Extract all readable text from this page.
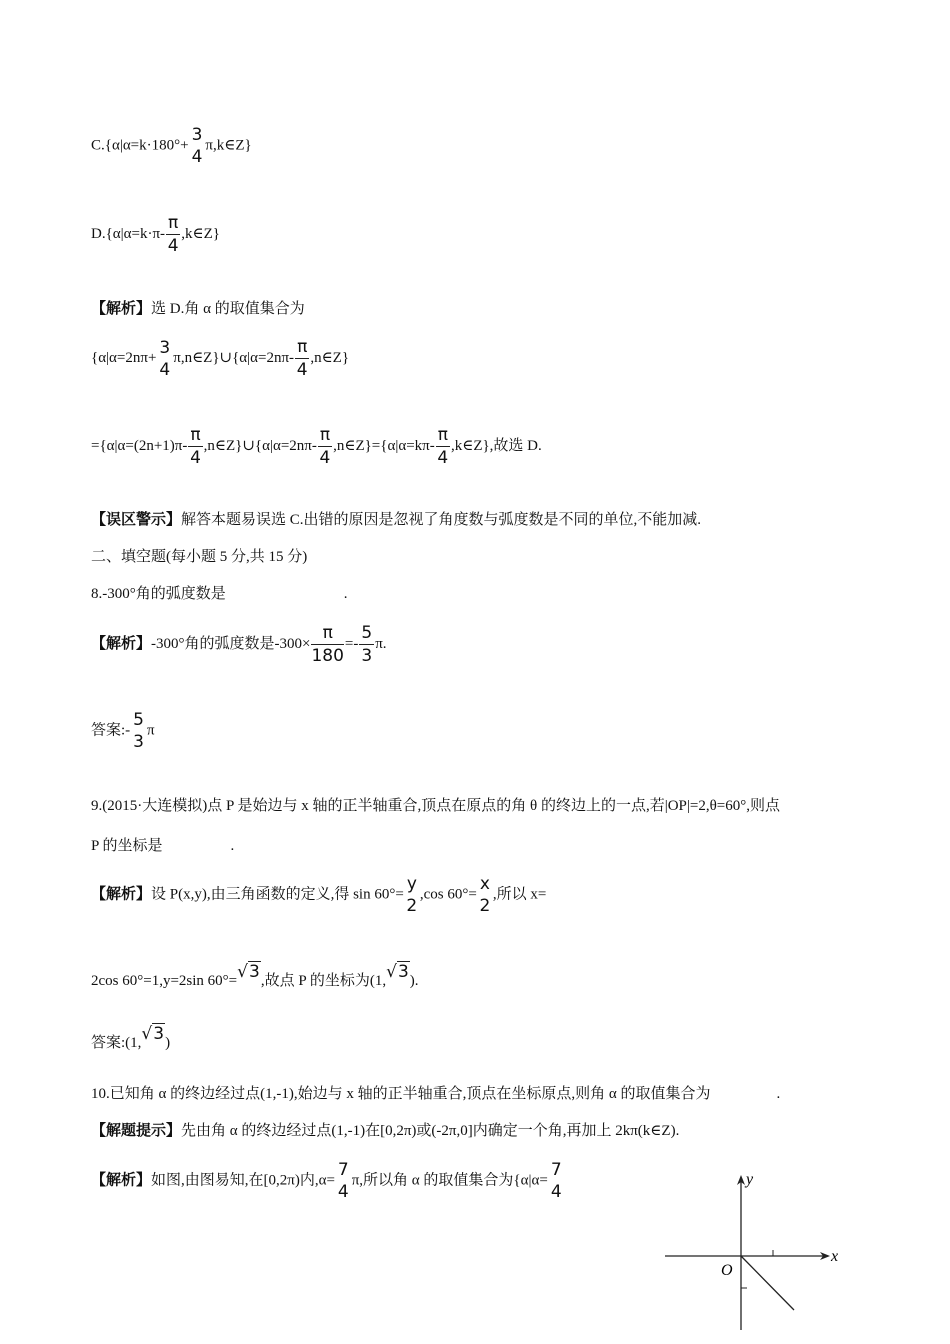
C.{α|α=k·180°+
3
4
π,k∈Z}
$D.\{\alpha|\alpha=k\cdot\pi- \frac{\pi}{4}$ ,k∈Z}
【解析】选 D.角 α 的取值集合为
{α|α=2nπ+
3
4
π,n∈Z}∪{α|α=2nπ- $\frac{\pi}{4}$ ,n∈Z}
$=\{\alpha|\alpha=(2n+1)\pi- \frac{\pi}{4}$ ,n∈Z}∪{α|α=2nπ- $\frac{\pi}{4}$ ,n∈Z}={α|α=kπ- $\frac{\pi}{4}$ ,k∈Z},故选 D.
【误区警示】解答本题易误选 C.出错的原因是忽视了角度数与弧度数是不同的单位,不能加减.
二、填空题(每小题 5 分,共 15 分)
8.-300°角的弧度数是	.
【解析】-300°角的弧度数是$-300\times \frac{\pi}{180} =- \frac{5}{3} \pi$.
答案:-
5
3
π
9.(2015·大连模拟)点 P 是始边与 x 轴的正半轴重合,顶点在原点的角 θ 的终边上的一点,若|OP|=2,θ=60°,则点
P 的坐标是	.
【解析】设 P(x,y),由三角函数的定义,得 sin 60°=
y
2
,cos 60°=
x
2
,所以 x=
2cos 60°=1,y=2sin 60°=√3,故点 P 的坐标为(1,√3).
答案:(1,√3)
10.已知角 α 的终边经过点(1,-1),始边与 x 轴的正半轴重合,顶点在坐标原点,则角 α 的取值集合为	.
【解题提示】先由角 α 的终边经过点(1,-1)在[0,2π)或(-2π,0]内确定一个角,再加上 2kπ(k∈Z).
【解析】如图,由图易知,在[0,2π)内,α=
7
4
π,所以角 α 的取值集合为{α|α=
7
4
x
y
O
